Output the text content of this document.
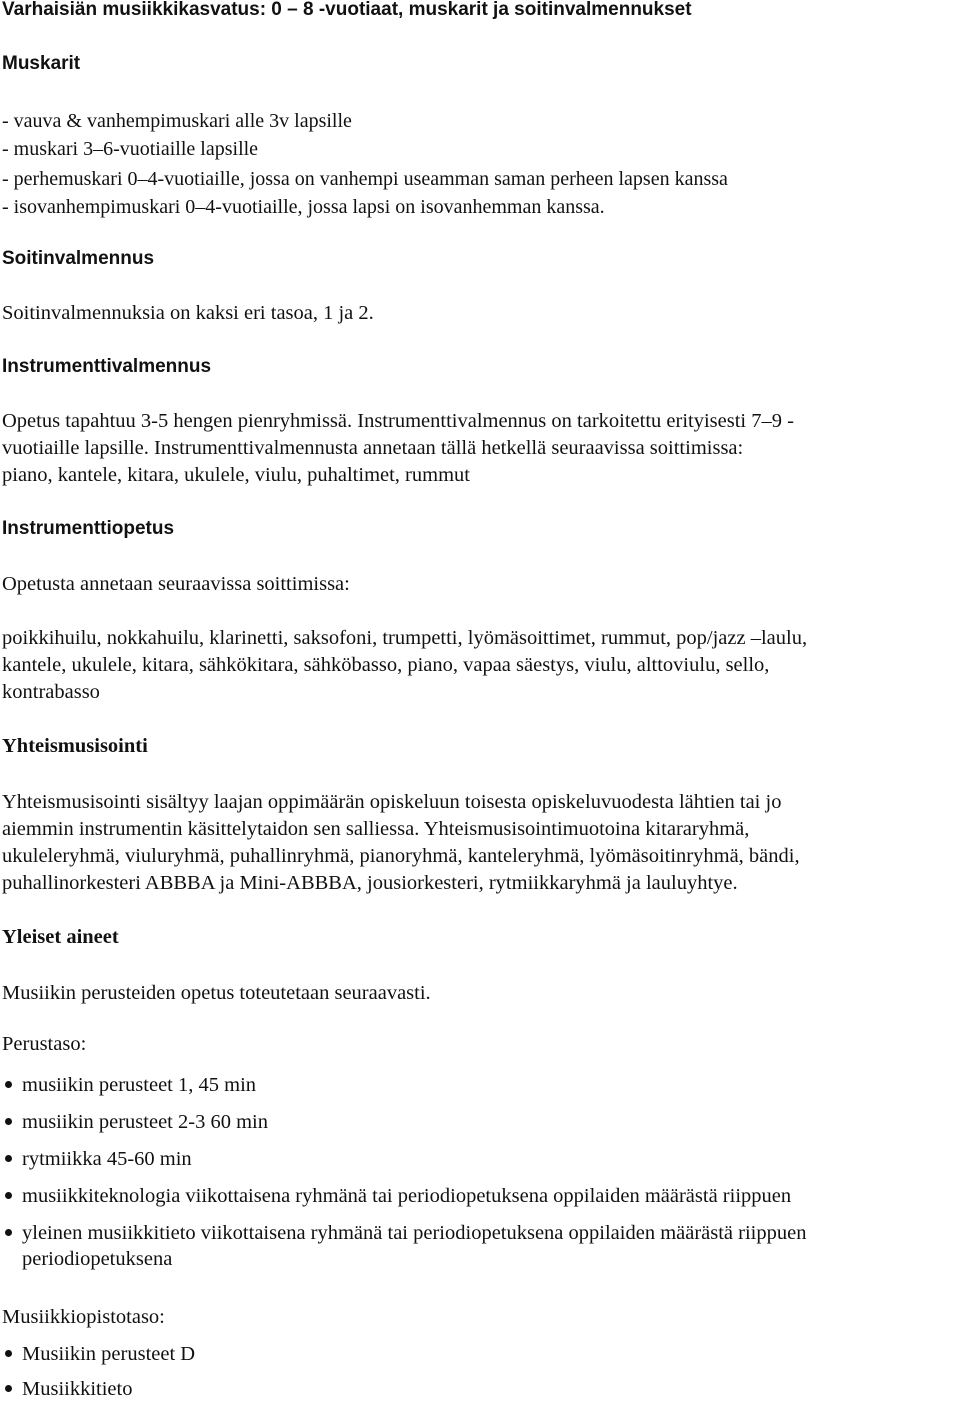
Varhaisiän musiikkikasvatus: 0 – 8 -vuotiaat, muskarit ja soitinvalmennukset
Muskarit
- vauva & vanhempimuskari alle 3v lapsille
- muskari 3–6-vuotiaille lapsille
- perhemuskari 0–4-vuotiaille, jossa on vanhempi useamman saman perheen lapsen kanssa
- isovanhempimuskari 0–4-vuotiaille, jossa lapsi on isovanhemman kanssa.
Soitinvalmennus
Soitinvalmennuksia on kaksi eri tasoa, 1 ja 2.
Instrumenttivalmennus
Opetus tapahtuu 3-5 hengen pienryhmissä. Instrumenttivalmennus on tarkoitettu erityisesti 7–9 -
vuotiaille lapsille. Instrumenttivalmennusta annetaan tällä hetkellä seuraavissa soittimissa:
piano, kantele, kitara, ukulele, viulu, puhaltimet, rummut
Instrumenttiopetus
Opetusta annetaan seuraavissa soittimissa:
poikkihuilu, nokkahuilu, klarinetti, saksofoni, trumpetti, lyömäsoittimet, rummut, pop/jazz –laulu,
kantele, ukulele, kitara, sähkökitara, sähköbasso, piano, vapaa säestys, viulu, alttoviulu, sello,
kontrabasso
Yhteismusisointi
Yhteismusisointi sisältyy laajan oppimäärän opiskeluun toisesta opiskeluvuodesta lähtien tai jo
aiemmin instrumentin käsittelytaidon sen salliessa. Yhteismusisointimuotoina kitararyhmä,
ukuleleryhmä, viuluryhmä, puhallinryhmä, pianoryhmä, kanteleryhmä, lyömäsoitinryhmä, bändi,
puhallinorkesteri ABBBA ja Mini-ABBBA, jousiorkesteri, rytmiikkaryhmä ja lauluyhtye.
Yleiset aineet
Musiikin perusteiden opetus toteutetaan seuraavasti.
Perustaso:
musiikin perusteet 1, 45 min
musiikin perusteet 2-3 60 min
rytmiikka 45-60 min
musiikkiteknologia viikottaisena ryhmänä tai periodiopetuksena oppilaiden määrästä riippuen
yleinen musiikkitieto viikottaisena ryhmänä tai periodiopetuksena oppilaiden määrästä riippuen
periodiopetuksena
Musiikkiopistotaso:
Musiikin perusteet D
Musiikkitieto
